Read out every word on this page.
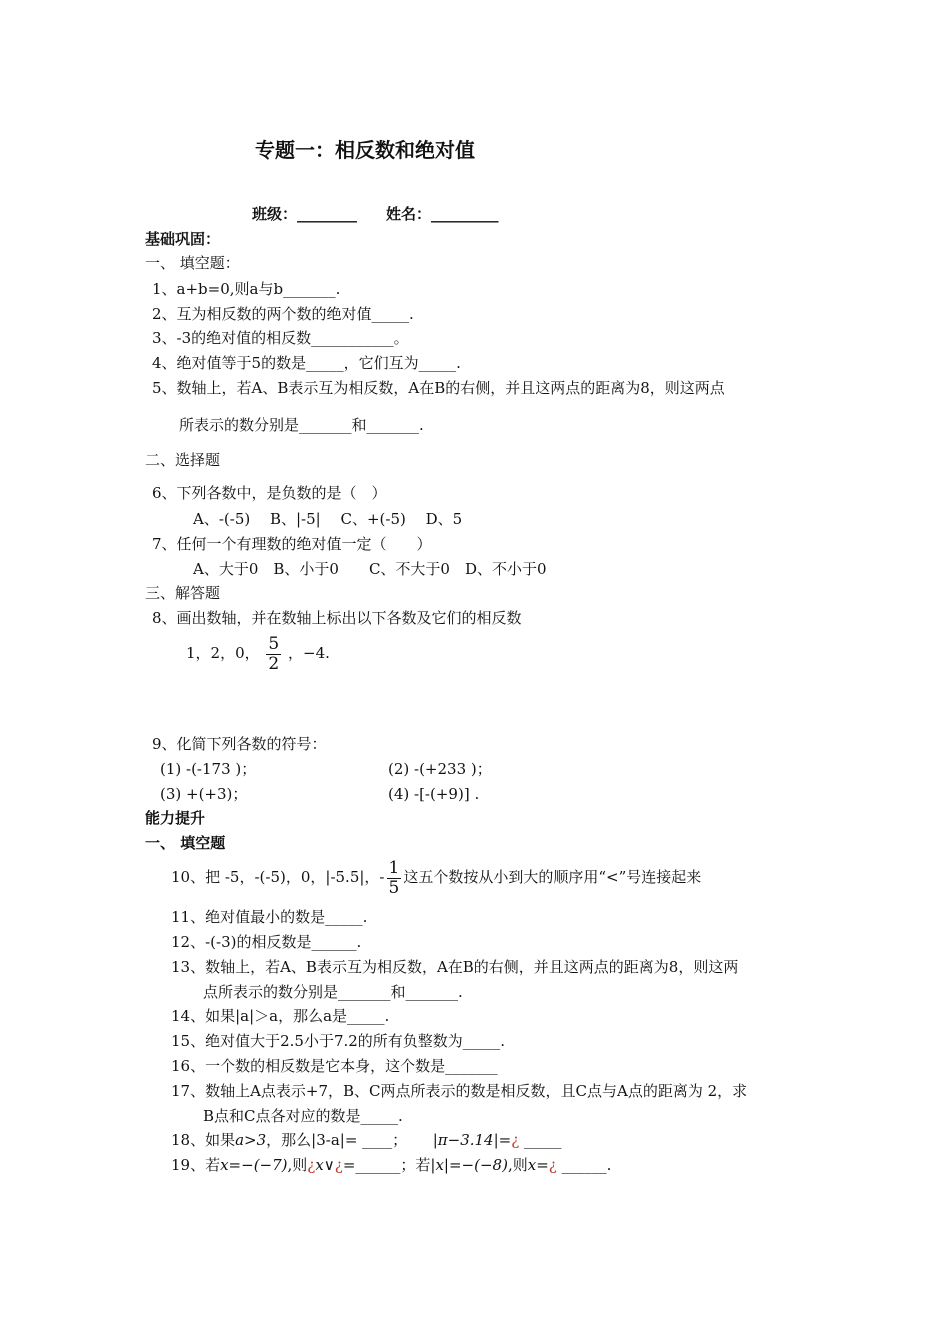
专题一：相反数和绝对值
班级：________ 姓名：_________
基础巩固：
一、 填空题：
1、a+b=0,则a与b_______.
2、互为相反数的两个数的绝对值_____.
3、-3的绝对值的相反数___________。
4、绝对值等于5的数是_____，它们互为_____.
5、数轴上，若A、B表示互为相反数，A在B的右侧，并且这两点的距离为8，则这两点
所表示的数分别是_______和_______.
二、选择题
6、下列各数中，是负数的是（　）
A、-(-5)　 B、|-5|　 C、+(-5)　 D、5
7、任何一个有理数的绝对值一定（　　）
A、大于0　B、小于0　　C、不大于0　D、不小于0
三、解答题
8、画出数轴，并在数轴上标出以下各数及它们的相反数
1，2，0， $\frac{5}{2}$ ，−4.
9、化简下列各数的符号：
(1) -(-173 )；	(2) -(+233 )；
(3) +(+3)；	(4) -[-(+9)] .
能力提升
一、 填空题
10、把 -5，-(-5)，0，|-5.5|，- $\frac{1}{5}$ 这五个数按从小到大的顺序用“<”号连接起来
11、绝对值最小的数是_____.
12、-(-3)的相反数是______.
13、数轴上，若A、B表示互为相反数，A在B的右侧，并且这两点的距离为8，则这两
点所表示的数分别是_______和_______.
14、如果|a|＞a，那么a是_____.
15、绝对值大于2.5小于7.2的所有负整数为_____.
16、一个数的相反数是它本身，这个数是_______
17、数轴上A点表示+7，B、C两点所表示的数是相反数，且C点与A点的距离为 2，求
B点和C点各对应的数是_____.
18、如果a>3，那么|3-a|= ____； |π−3.14|=¿ _____
19、若x=−(−7),则¿x∨¿=______；若|x|=−(−8),则x=¿ ______.
